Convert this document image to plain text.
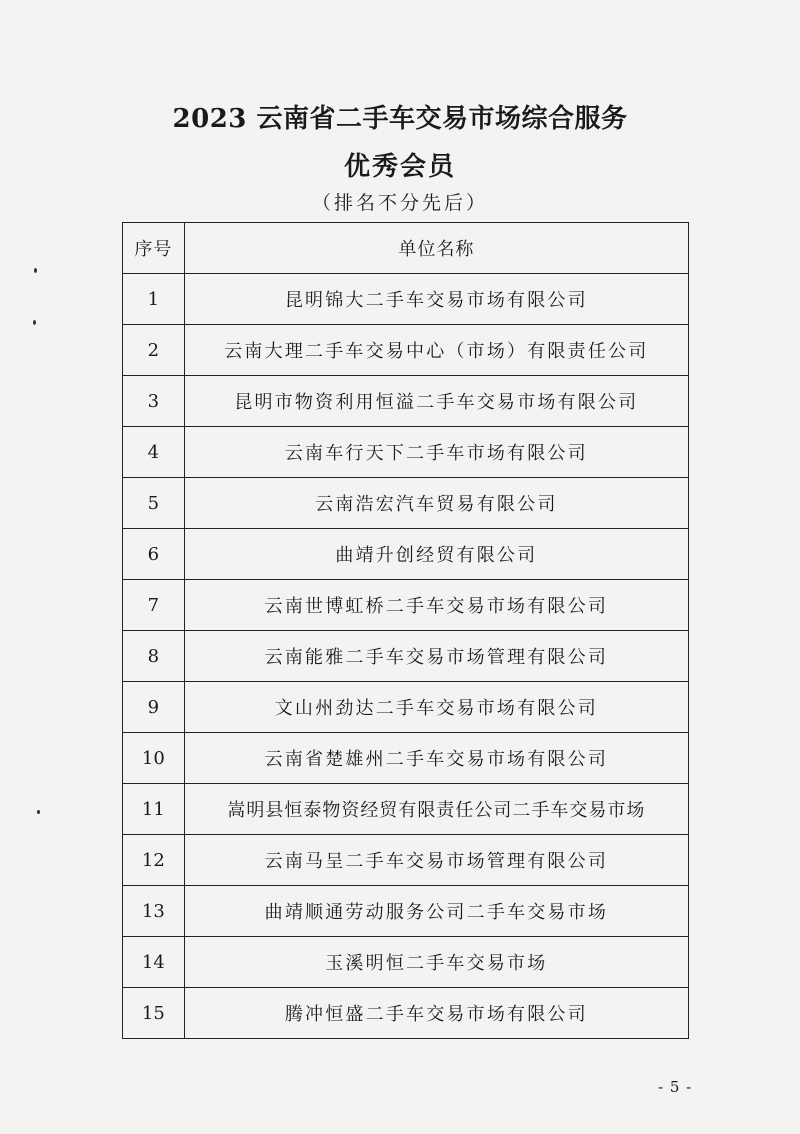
2023 云南省二手车交易市场综合服务
优秀会员

（排名不分先后）

序号	单位名称
1	昆明锦大二手车交易市场有限公司
2	云南大理二手车交易中心（市场）有限责任公司
3	昆明市物资利用恒溢二手车交易市场有限公司
4	云南车行天下二手车市场有限公司
5	云南浩宏汽车贸易有限公司
6	曲靖升创经贸有限公司
7	云南世博虹桥二手车交易市场有限公司
8	云南能雅二手车交易市场管理有限公司
9	文山州劲达二手车交易市场有限公司
10	云南省楚雄州二手车交易市场有限公司
11	嵩明县恒泰物资经贸有限责任公司二手车交易市场
12	云南马呈二手车交易市场管理有限公司
13	曲靖顺通劳动服务公司二手车交易市场
14	玉溪明恒二手车交易市场
15	腾冲恒盛二手车交易市场有限公司
- 5 -
